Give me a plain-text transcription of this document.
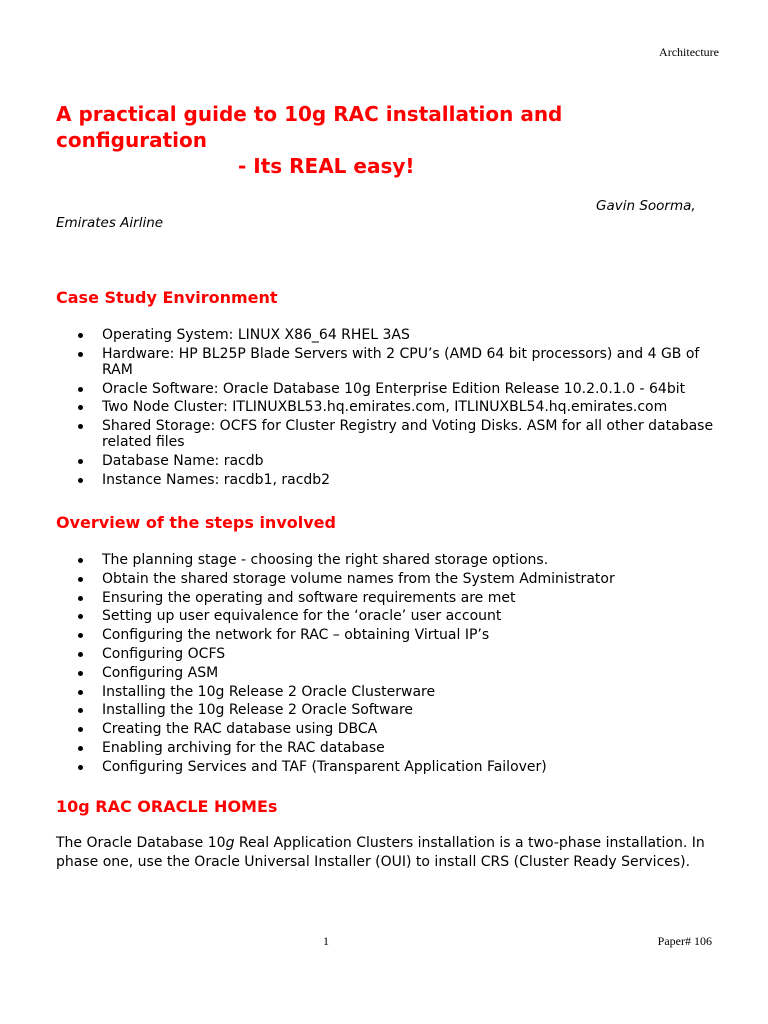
Architecture
A practical guide to 10g RAC installation and configuration
- Its REAL easy!
Gavin Soorma,
Emirates Airline
Case Study Environment
Operating System: LINUX X86_64 RHEL 3AS
Hardware: HP BL25P Blade Servers with 2 CPU’s (AMD 64 bit processors) and 4 GB of RAM
Oracle Software: Oracle Database 10g Enterprise Edition Release 10.2.0.1.0 - 64bit
Two Node Cluster: ITLINUXBL53.hq.emirates.com, ITLINUXBL54.hq.emirates.com
Shared Storage: OCFS for Cluster Registry and Voting Disks. ASM for all other database related files
Database Name: racdb
Instance Names: racdb1, racdb2
Overview of the steps involved
The planning stage - choosing the right shared storage options.
Obtain the shared storage volume names from the System Administrator
Ensuring the operating and software requirements are met
Setting up user equivalence for the ‘oracle’ user account
Configuring the network for RAC – obtaining Virtual IP’s
Configuring OCFS
Configuring ASM
Installing the 10g Release 2 Oracle Clusterware
Installing the 10g Release 2 Oracle Software
Creating the RAC database using DBCA
Enabling archiving for the RAC database
Configuring Services and TAF (Transparent Application Failover)
10g RAC ORACLE HOMEs

The Oracle Database 10g Real Application Clusters installation is a two-phase installation. In phase one, use the Oracle Universal Installer (OUI) to install CRS (Cluster Ready Services).

1	Paper# 106
